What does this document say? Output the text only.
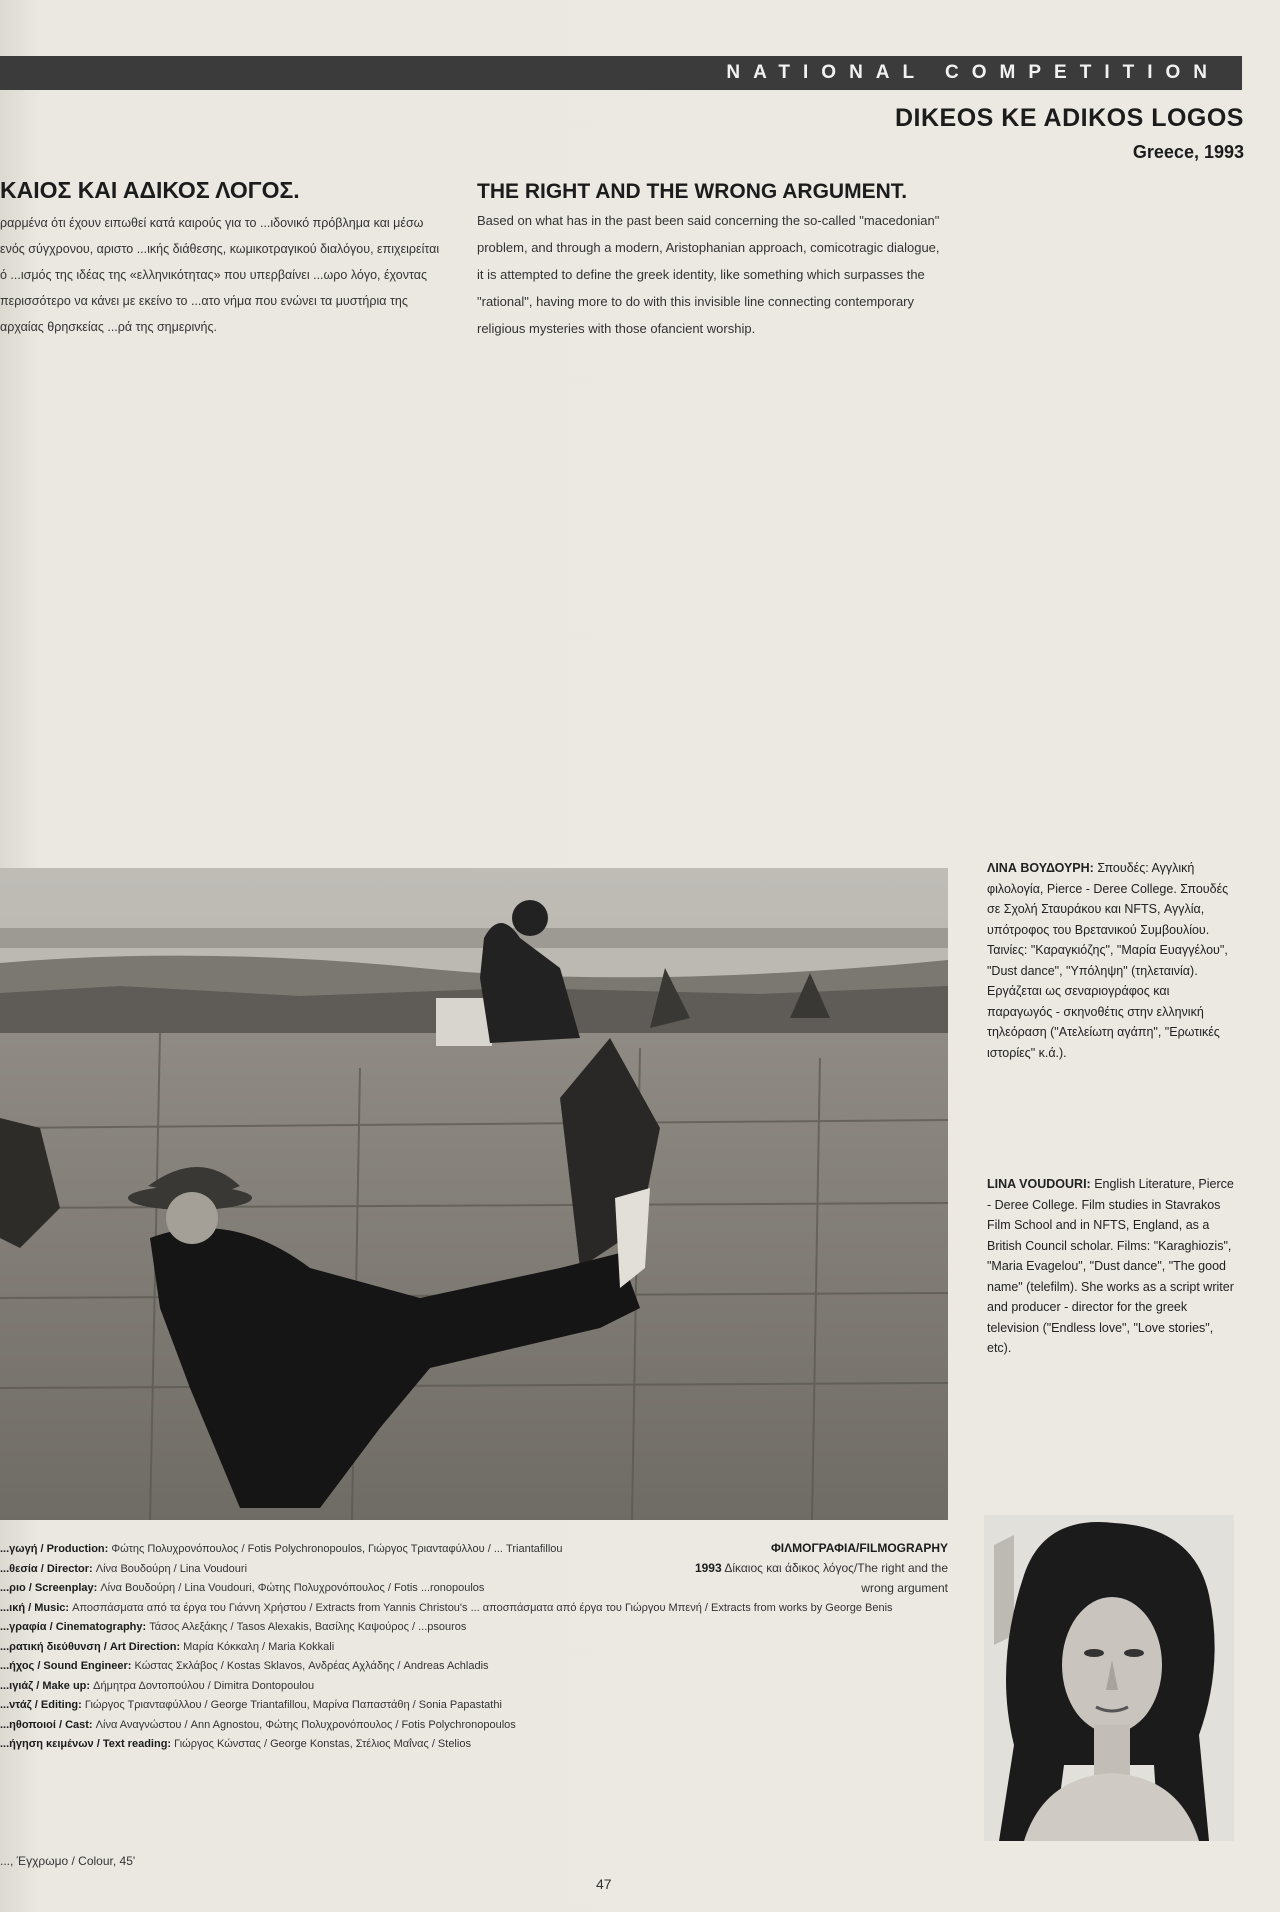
NATIONAL COMPETITION
DIKEOS KE ADIKOS LOGOS
Greece, 1993
ΚΑΙΟΣ ΚΑΙ ΑΔΙΚΟΣ ΛΟΓΟΣ.
ραρμένα ότι έχουν ειπωθεί κατά καιρούς για το ...ιδονικό πρόβλημα και μέσω ενός σύγχρονου, αριστο ...ικής διάθεσης, κωμικοτραγικού διαλόγου, επιχειρείται ό ...ισμός της ιδέας της «ελληνικότητας» που υπερβαίνει ...ωρο λόγο, έχοντας περισσότερο να κάνει με εκείνο το ...ατο νήμα που ενώνει τα μυστήρια της αρχαίας θρησκείας ...ρά της σημερινής.

THE RIGHT AND THE WRONG ARGUMENT. Based on what has in the past been said concerning the so-called "macedonian" problem, and through a modern, Aristophanian approach, comicotragic dialogue, it is attempted to define the greek identity, like something which surpasses the "rational", having more to do with this invisible line connecting contemporary religious mysteries with those ofancient worship.

ΛΙΝΑ ΒΟΥΔΟΥΡΗ: Σπουδές: Αγγλική φιλολογία, Pierce - Deree College. Σπουδές σε Σχολή Σταυράκου και NFTS, Αγγλία, υπότροφος του Βρετανικού Συμβουλίου. Ταινίες: "Καραγκιόζης", "Μαρία Ευαγγέλου", "Dust dance", "Υπόληψη" (τηλεταινία). Εργάζεται ως σεναριογράφος και παραγωγός - σκηνοθέτις στην ελληνική τηλεόραση ("Ατελείωτη αγάπη", "Ερωτικές ιστορίες" κ.ά.).
LINA VOUDOURI: English Literature, Pierce - Deree College. Film studies in Stavrakos Film School and in NFTS, England, as a British Council scholar. Films: "Karaghiozis", "Maria Evagelou", "Dust dance", "The good name" (telefilm). She works as a script writer and producer - director for the greek television ("Endless love", "Love stories", etc).
...γωγή / Production: Φώτης Πολυχρονόπουλος / Fotis Polychronopoulos, Γιώργος Τριανταφύλλου / ... Triantafillou
...θεσία / Director: Λίνα Βουδούρη / Lina Voudouri
...ριο / Screenplay: Λίνα Βουδούρη / Lina Voudouri, Φώτης Πολυχρονόπουλος / Fotis ...ronopoulos
...ική / Music: Αποσπάσματα από τα έργα του Γιάννη Χρήστου / Extracts from Yannis Christou's ... αποσπάσματα από έργα του Γιώργου Μπενή / Extracts from works by George Benis
...γραφία / Cinematography: Τάσος Αλεξάκης / Tasos Alexakis, Βασίλης Καψούρος / ...psouros
...ρατική διεύθυνση / Art Direction: Μαρία Κόκκαλη / Maria Kokkali
...ήχος / Sound Engineer: Κώστας Σκλάβος / Kostas Sklavos, Ανδρέας Αχλάδης / Andreas Achladis
...ιγιάζ / Make up: Δήμητρα Δοντοπούλου / Dimitra Dontopoulou
...ντάζ / Editing: Γιώργος Τριανταφύλλου / George Triantafillou, Μαρίνα Παπαστάθη / Sonia Papastathi
...ηθοποιοί / Cast: Λίνα Αναγνώστου / Ann Agnostou, Φώτης Πολυχρονόπουλος / Fotis Polychronopoulos
...ήγηση κειμένων / Text reading: Γιώργος Κώνστας / George Konstas, Στέλιος Μαΐνας / Stelios
ΦΙΛΜΟΓΡΑΦΙΑ/FILMOGRAPHY
1993 Δίκαιος και άδικος λόγος/The right and the wrong argument
..., Έγχρωμο / Colour, 45'
47
